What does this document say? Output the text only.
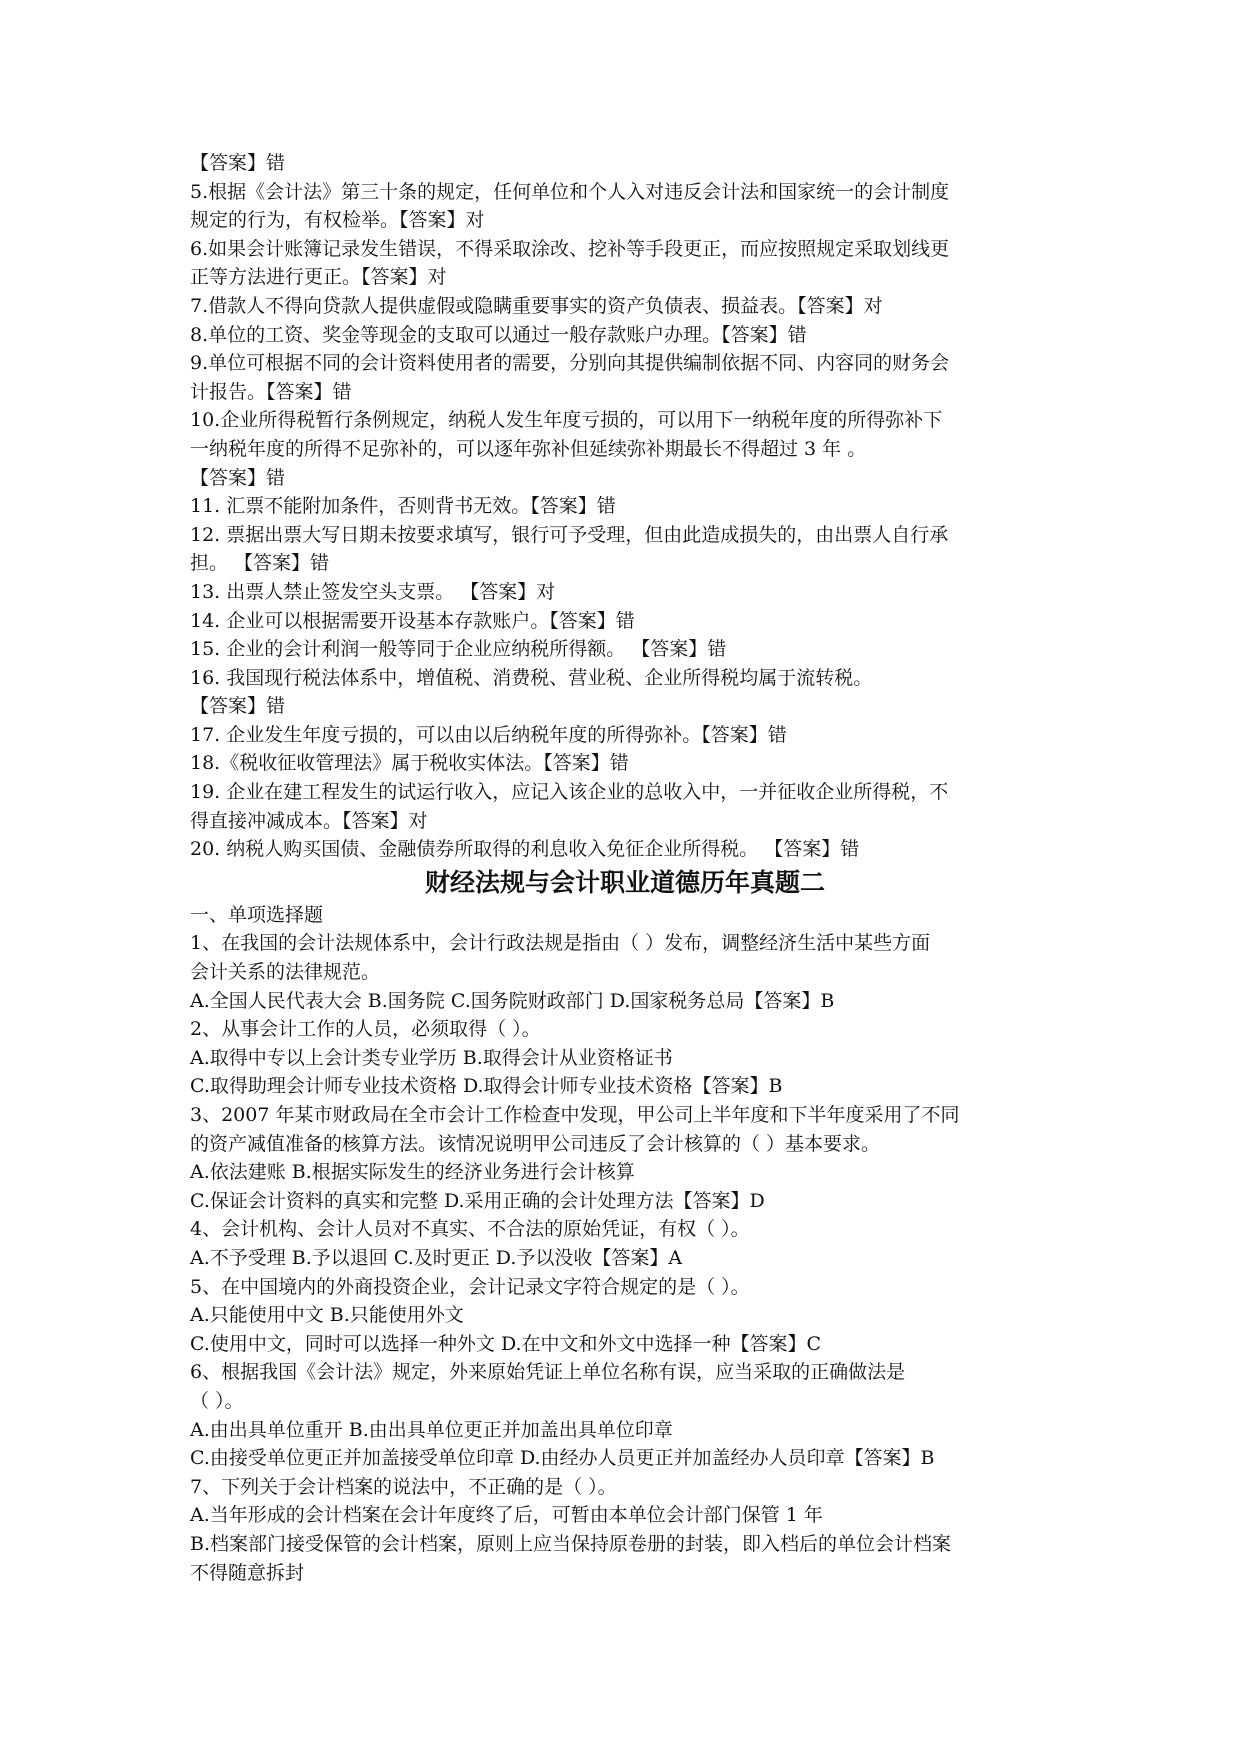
【答案】错
5.根据《会计法》第三十条的规定，任何单位和个人入对违反会计法和国家统一的会计制度
规定的行为，有权检举。【答案】对
6.如果会计账簿记录发生错误，不得采取涂改、挖补等手段更正，而应按照规定采取划线更
正等方法进行更正。【答案】对
7.借款人不得向贷款人提供虚假或隐瞒重要事实的资产负债表、损益表。【答案】对
8.单位的工资、奖金等现金的支取可以通过一般存款账户办理。【答案】错
9.单位可根据不同的会计资料使用者的需要，分别向其提供编制依据不同、内容同的财务会
计报告。【答案】错
10.企业所得税暂行条例规定，纳税人发生年度亏损的，可以用下一纳税年度的所得弥补下
一纳税年度的所得不足弥补的，可以逐年弥补但延续弥补期最长不得超过 3 年 。
【答案】错
11. 汇票不能附加条件，否则背书无效。【答案】错
12. 票据出票大写日期未按要求填写，银行可予受理，但由此造成损失的，由出票人自行承
担。 【答案】错
13. 出票人禁止签发空头支票。 【答案】对
14. 企业可以根据需要开设基本存款账户。【答案】错
15. 企业的会计利润一般等同于企业应纳税所得额。 【答案】错
16. 我国现行税法体系中，增值税、消费税、营业税、企业所得税均属于流转税。
【答案】错
17. 企业发生年度亏损的，可以由以后纳税年度的所得弥补。【答案】错
18.《税收征收管理法》属于税收实体法。【答案】错
19. 企业在建工程发生的试运行收入，应记入该企业的总收入中，一并征收企业所得税，不
得直接冲减成本。【答案】对
20. 纳税人购买国债、金融债券所取得的利息收入免征企业所得税。 【答案】错
财经法规与会计职业道德历年真题二
一、单项选择题
1、在我国的会计法规体系中，会计行政法规是指由（ ）发布，调整经济生活中某些方面
会计关系的法律规范。
A.全国人民代表大会 B.国务院 C.国务院财政部门 D.国家税务总局【答案】B
2、从事会计工作的人员，必须取得（ ）。
A.取得中专以上会计类专业学历 B.取得会计从业资格证书
C.取得助理会计师专业技术资格 D.取得会计师专业技术资格【答案】B
3、2007 年某市财政局在全市会计工作检查中发现，甲公司上半年度和下半年度采用了不同
的资产减值准备的核算方法。该情况说明甲公司违反了会计核算的（ ）基本要求。
A.依法建账 B.根据实际发生的经济业务进行会计核算
C.保证会计资料的真实和完整 D.采用正确的会计处理方法【答案】D
4、会计机构、会计人员对不真实、不合法的原始凭证，有权（ ）。
A.不予受理 B.予以退回 C.及时更正 D.予以没收【答案】A
5、在中国境内的外商投资企业，会计记录文字符合规定的是（ ）。
A.只能使用中文 B.只能使用外文
C.使用中文，同时可以选择一种外文 D.在中文和外文中选择一种【答案】C
6、根据我国《会计法》规定，外来原始凭证上单位名称有误，应当采取的正确做法是
（ ）。
A.由出具单位重开 B.由出具单位更正并加盖出具单位印章
C.由接受单位更正并加盖接受单位印章 D.由经办人员更正并加盖经办人员印章【答案】B
7、下列关于会计档案的说法中，不正确的是（ ）。
A.当年形成的会计档案在会计年度终了后，可暂由本单位会计部门保管 1 年
B.档案部门接受保管的会计档案，原则上应当保持原卷册的封装，即入档后的单位会计档案
不得随意拆封
